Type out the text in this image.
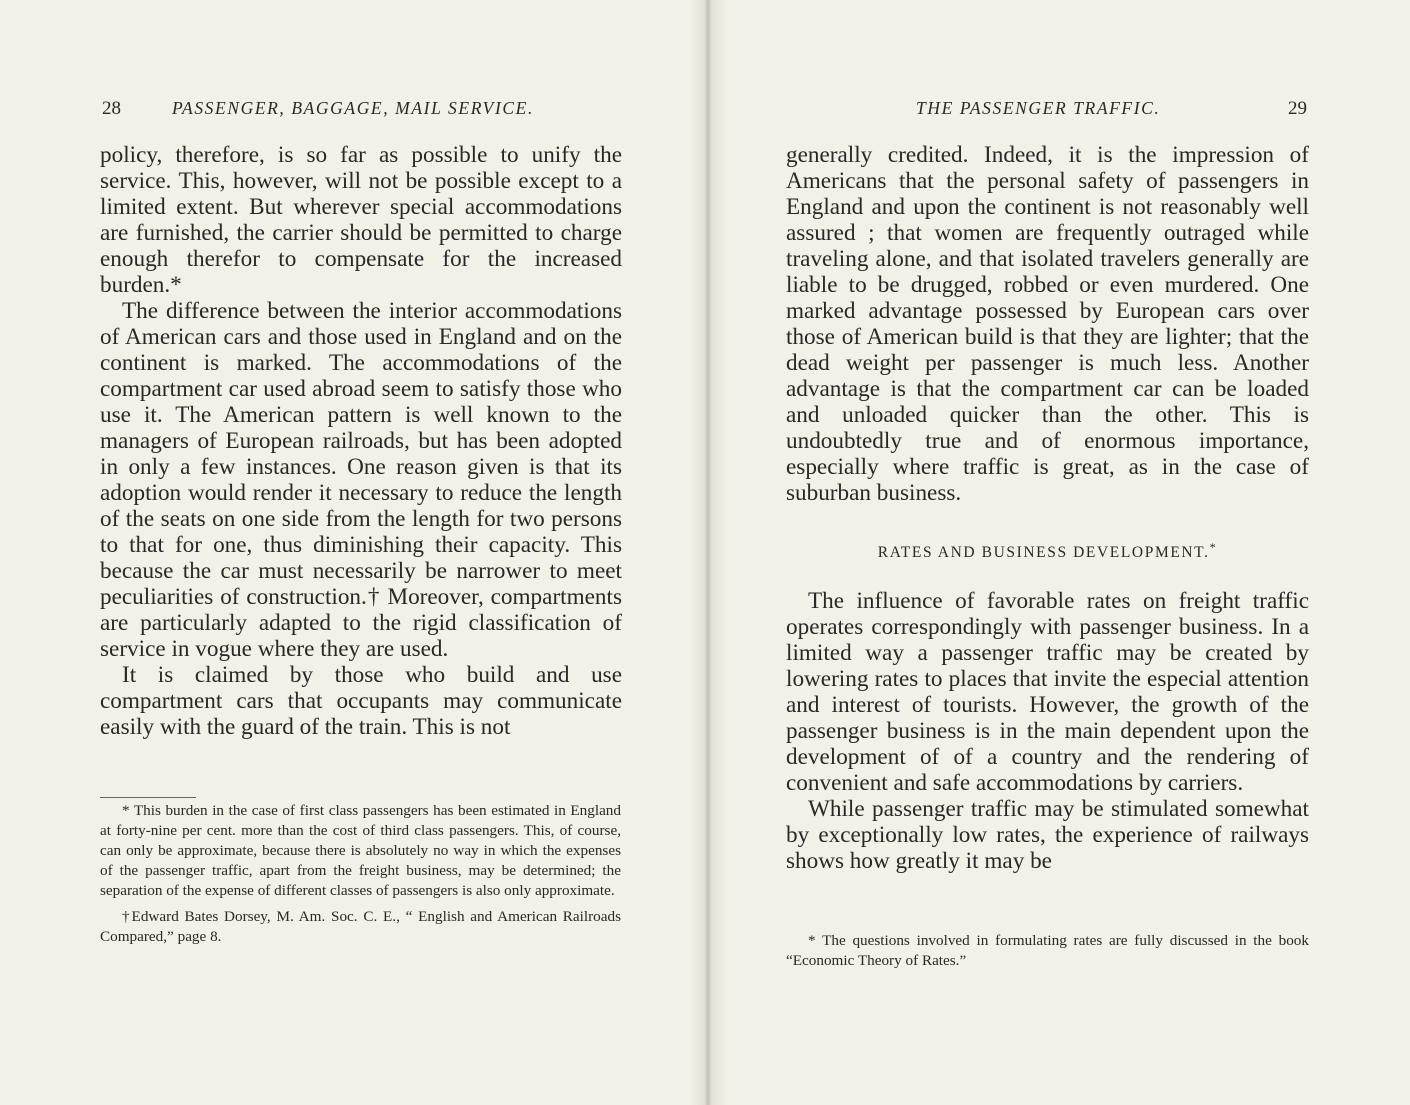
28	PASSENGER, BAGGAGE, MAIL SERVICE.

policy, therefore, is so far as possible to unify the service. This, however, will not be possible except to a limited extent. But wherever special accommodations are furnished, the carrier should be permitted to charge enough therefor to compensate for the increased burden.*

The difference between the interior accommodations of American cars and those used in England and on the continent is marked. The accommodations of the compartment car used abroad seem to satisfy those who use it. The American pattern is well known to the managers of European railroads, but has been adopted in only a few instances. One reason given is that its adoption would render it necessary to reduce the length of the seats on one side from the length for two persons to that for one, thus diminishing their capacity. This because the car must necessarily be narrower to meet peculiarities of construction.† Moreover, compartments are particularly adapted to the rigid classification of service in vogue where they are used.

It is claimed by those who build and use compartment cars that occupants may communicate easily with the guard of the train. This is not

* This burden in the case of first class passengers has been estimated in England at forty-nine per cent. more than the cost of third class passengers. This, of course, can only be approximate, because there is absolutely no way in which the expenses of the passenger traffic, apart from the freight business, may be determined; the separation of the expense of different classes of passengers is also only approximate.

†Edward Bates Dorsey, M. Am. Soc. C. E., “ English and American Railroads Compared,” page 8.

THE PASSENGER TRAFFIC.	29

generally credited. Indeed, it is the impression of Americans that the personal safety of passengers in England and upon the continent is not reasonably well assured ; that women are frequently outraged while traveling alone, and that isolated travelers generally are liable to be drugged, robbed or even murdered. One marked advantage possessed by European cars over those of American build is that they are lighter; that the dead weight per passenger is much less. Another advantage is that the compartment car can be loaded and unloaded quicker than the other. This is undoubtedly true and of enormous importance, especially where traffic is great, as in the case of suburban business.

RATES AND BUSINESS DEVELOPMENT.*

The influence of favorable rates on freight traffic operates correspondingly with passenger business. In a limited way a passenger traffic may be created by lowering rates to places that invite the especial attention and interest of tourists. However, the growth of the passenger business is in the main dependent upon the development of of a country and the rendering of convenient and safe accommodations by carriers.

While passenger traffic may be stimulated somewhat by exceptionally low rates, the experience of railways shows how greatly it may be

* The questions involved in formulating rates are fully discussed in the book “Economic Theory of Rates.”
